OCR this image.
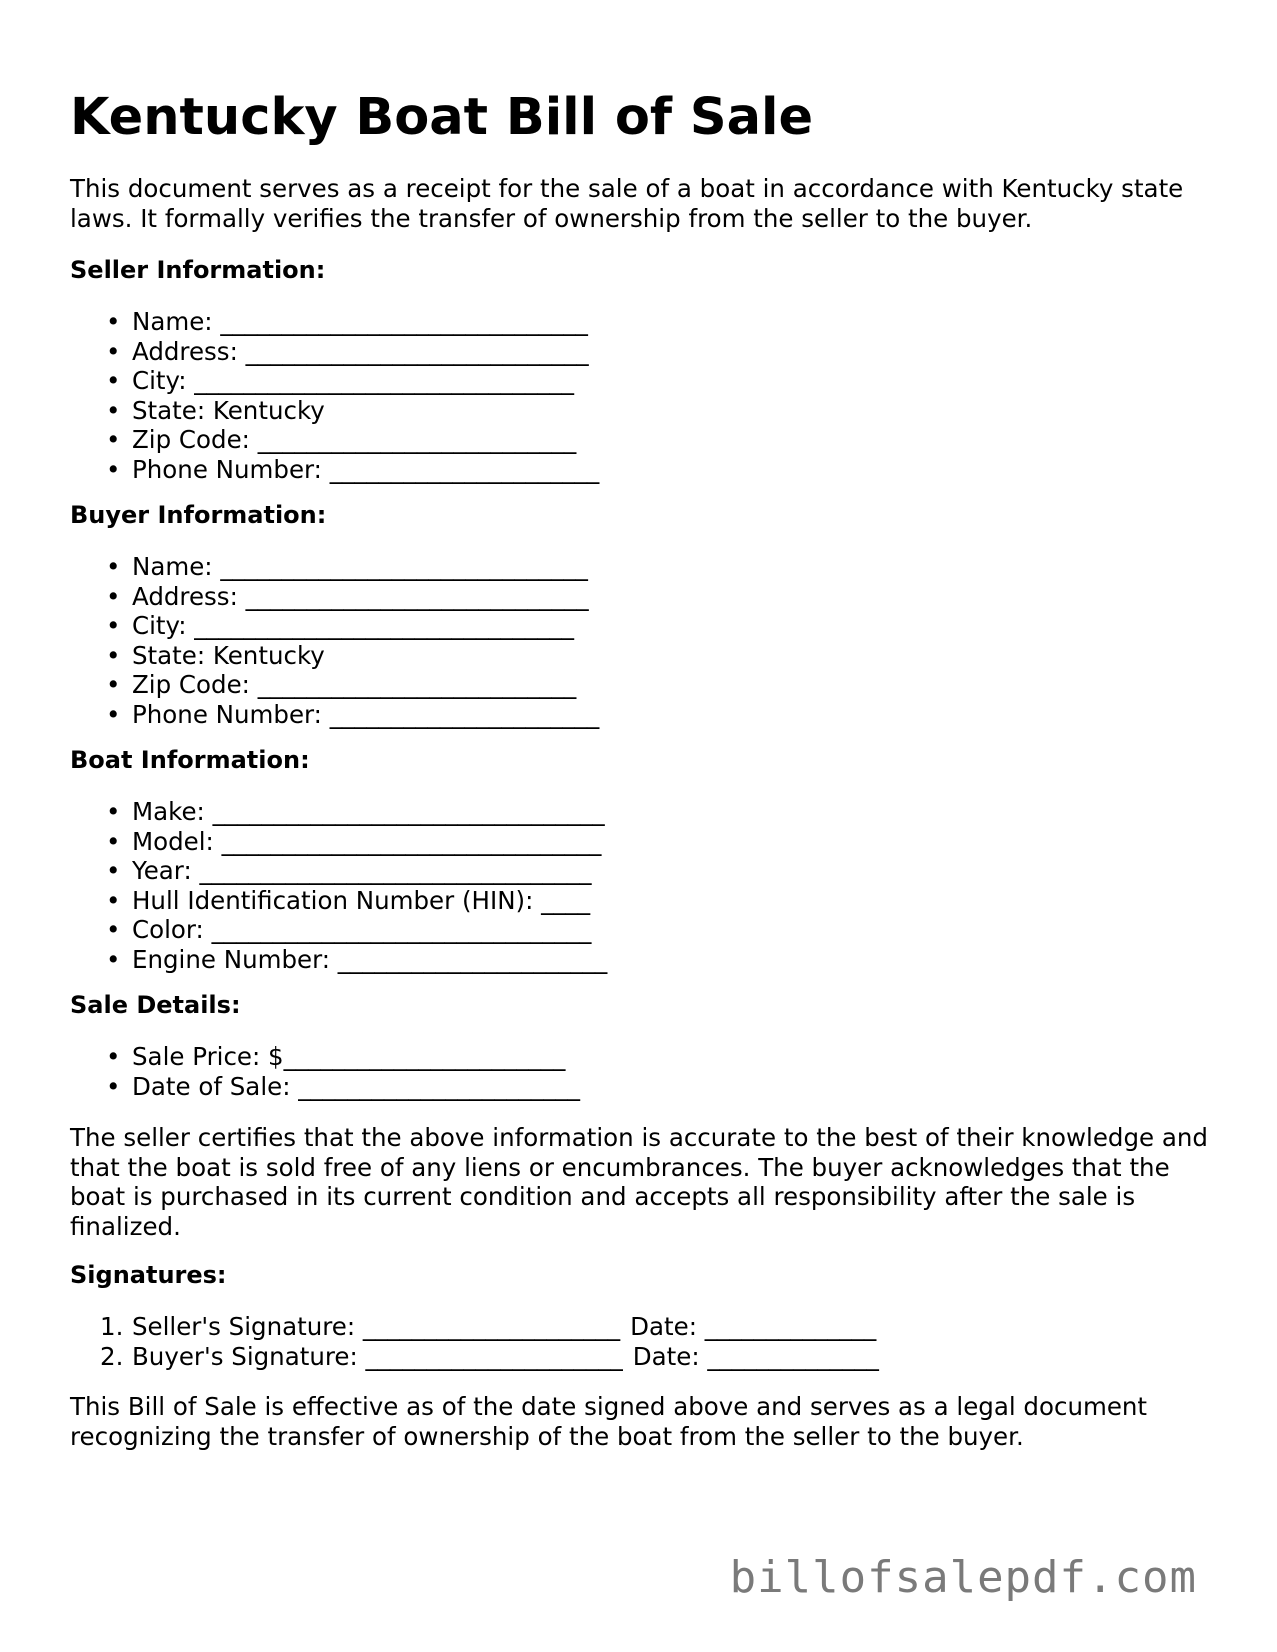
Kentucky Boat Bill of Sale

This document serves as a receipt for the sale of a boat in accordance with Kentucky state laws. It formally verifies the transfer of ownership from the seller to the buyer.

Seller Information:
• Name: ______________________________
• Address: ____________________________
• City: _______________________________
• State: Kentucky
• Zip Code: __________________________
• Phone Number: ______________________
Buyer Information:
• Name: ______________________________
• Address: ____________________________
• City: _______________________________
• State: Kentucky
• Zip Code: __________________________
• Phone Number: ______________________
Boat Information:
• Make: ________________________________
• Model: _______________________________
• Year: ________________________________
• Hull Identification Number (HIN): ____
• Color: _______________________________
• Engine Number: ______________________
Sale Details:
• Sale Price: $_______________________
• Date of Sale: _______________________

The seller certifies that the above information is accurate to the best of their knowledge and that the boat is sold free of any liens or encumbrances. The buyer acknowledges that the boat is purchased in its current condition and accepts all responsibility after the sale is finalized.

Signatures:
1. Seller's Signature: _____________________ Date: ______________
2. Buyer's Signature: _____________________ Date: ______________

This Bill of Sale is effective as of the date signed above and serves as a legal document recognizing the transfer of ownership of the boat from the seller to the buyer.

billofsalepdf.com
